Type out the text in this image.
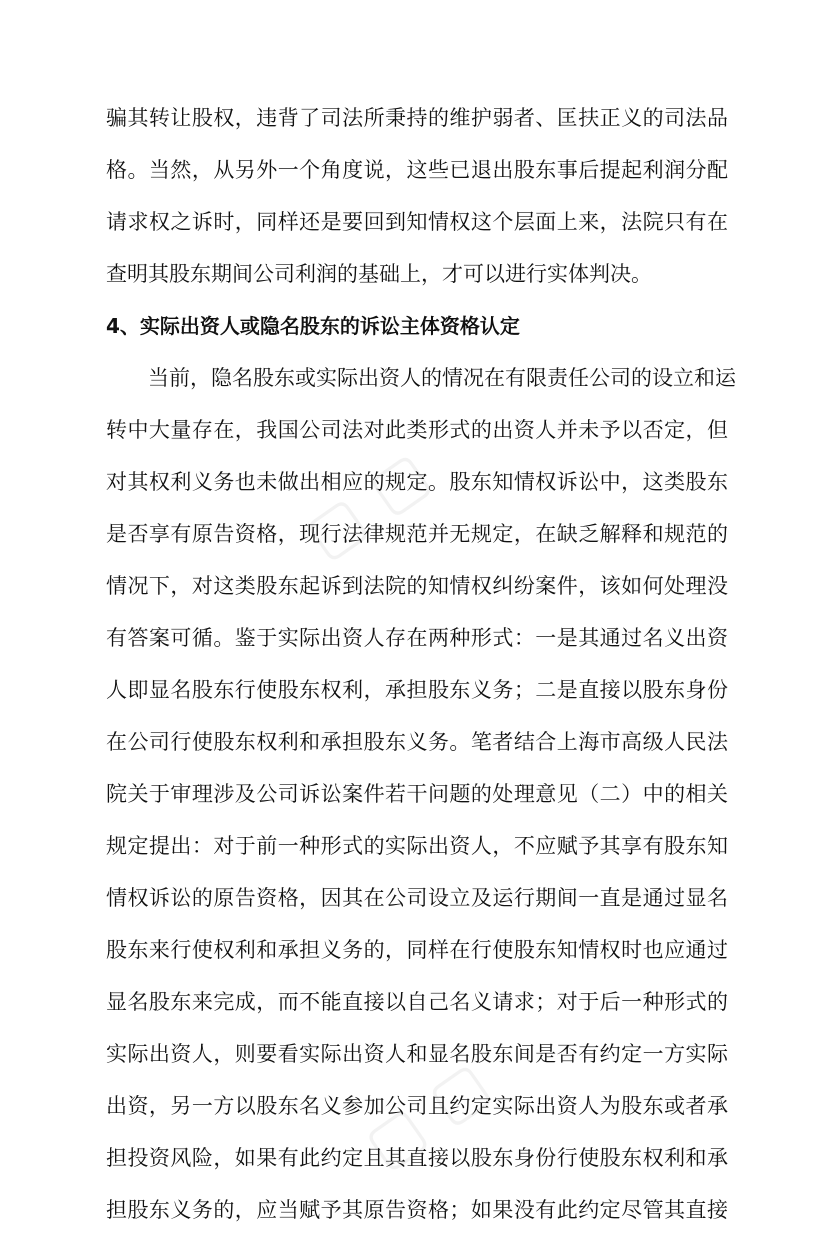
▢ ▢
▢ ▢
骗其转让股权，违背了司法所秉持的维护弱者、匡扶正义的司法品
格。当然，从另外一个角度说，这些已退出股东事后提起利润分配
请求权之诉时，同样还是要回到知情权这个层面上来，法院只有在
查明其股东期间公司利润的基础上，才可以进行实体判决。
4、实际出资人或隐名股东的诉讼主体资格认定
当前，隐名股东或实际出资人的情况在有限责任公司的设立和运
转中大量存在，我国公司法对此类形式的出资人并未予以否定，但
对其权利义务也未做出相应的规定。股东知情权诉讼中，这类股东
是否享有原告资格，现行法律规范并无规定，在缺乏解释和规范的
情况下，对这类股东起诉到法院的知情权纠纷案件，该如何处理没
有答案可循。鉴于实际出资人存在两种形式：一是其通过名义出资
人即显名股东行使股东权利，承担股东义务；二是直接以股东身份
在公司行使股东权利和承担股东义务。笔者结合上海市高级人民法
院关于审理涉及公司诉讼案件若干问题的处理意见（二）中的相关
规定提出：对于前一种形式的实际出资人，不应赋予其享有股东知
情权诉讼的原告资格，因其在公司设立及运行期间一直是通过显名
股东来行使权利和承担义务的，同样在行使股东知情权时也应通过
显名股东来完成，而不能直接以自己名义请求；对于后一种形式的
实际出资人，则要看实际出资人和显名股东间是否有约定一方实际
出资，另一方以股东名义参加公司且约定实际出资人为股东或者承
担投资风险，如果有此约定且其直接以股东身份行使股东权利和承
担股东义务的，应当赋予其原告资格；如果没有此约定尽管其直接
